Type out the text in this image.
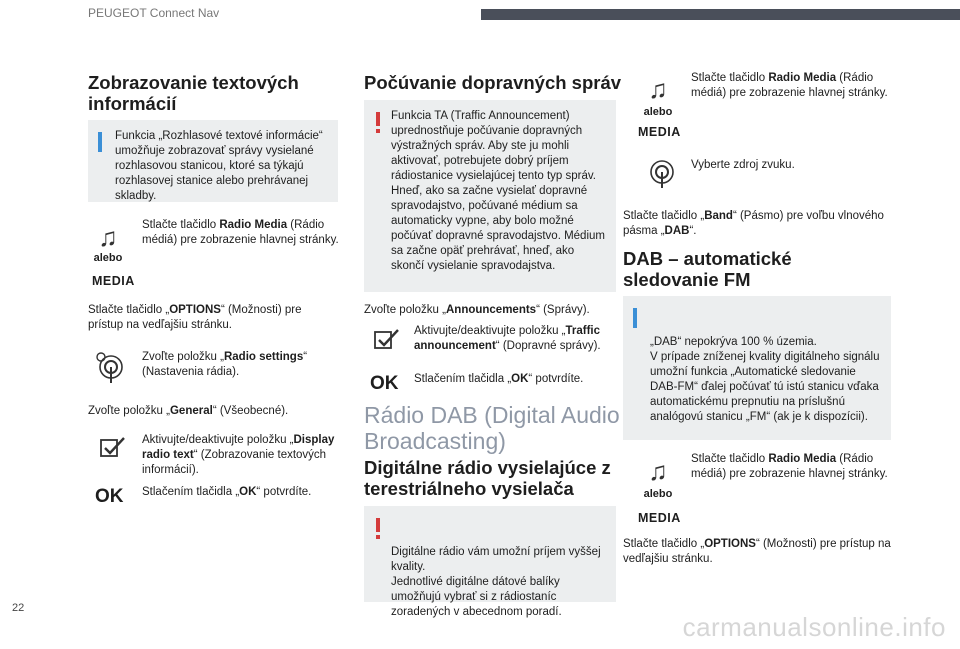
PEUGEOT Connect Nav
Zobrazovanie textových informácií
Funkcia „Rozhlasové textové informácie“ umožňuje zobrazovať správy vysielané rozhlasovou stanicou, ktoré sa týkajú rozhlasovej stanice alebo prehrávanej skladby.
♫
alebo
MEDIA
Stlačte tlačidlo Radio Media (Rádio médiá) pre zobrazenie hlavnej stránky.
Stlačte tlačidlo „OPTIONS“ (Možnosti) pre prístup na vedľajšiu stránku.
Zvoľte položku „Radio settings“ (Nastavenia rádia).
Zvoľte položku „General“ (Všeobecné).
Aktivujte/deaktivujte položku „Display radio text“ (Zobrazovanie textových informácií).
OK Stlačením tlačidla „OK“ potvrdíte.
Počúvanie dopravných správ
Funkcia TA (Traffic Announcement) uprednostňuje počúvanie dopravných výstražných správ. Aby ste ju mohli aktivovať, potrebujete dobrý príjem rádiostanice vysielajúcej tento typ správ. Hneď, ako sa začne vysielať dopravné spravodajstvo, počúvané médium sa automaticky vypne, aby bolo možné počúvať dopravné spravodajstvo. Médium sa začne opäť prehrávať, hneď, ako skončí vysielanie spravodajstva.
Zvoľte položku „Announcements“ (Správy).
Aktivujte/deaktivujte položku „Traffic announcement“ (Dopravné správy).
OK Stlačením tlačidla „OK“ potvrdíte.
Rádio DAB (Digital Audio Broadcasting)
Digitálne rádio vysielajúce z terestriálneho vysielača

Digitálne rádio vám umožní príjem vyššej kvality.
Jednotlivé digitálne dátové balíky umožňujú vybrať si z rádiostaníc zoradených v abecednom poradí.

♫
alebo
MEDIA
Stlačte tlačidlo Radio Media (Rádio médiá) pre zobrazenie hlavnej stránky.
Vyberte zdroj zvuku.
Stlačte tlačidlo „Band“ (Pásmo) pre voľbu vlnového pásma „DAB“.
DAB – automatické sledovanie FM

„DAB“ nepokrýva 100 % územia.
V prípade zníženej kvality digitálneho signálu umožní funkcia „Automatické sledovanie DAB-FM“ ďalej počúvať tú istú stanicu vďaka automatickému prepnutiu na príslušnú analógovú stanicu „FM“ (ak je k dispozícii).

♫
alebo
MEDIA
Stlačte tlačidlo Radio Media (Rádio médiá) pre zobrazenie hlavnej stránky.
Stlačte tlačidlo „OPTIONS“ (Možnosti) pre prístup na vedľajšiu stránku.
22
carmanualsonline.info
